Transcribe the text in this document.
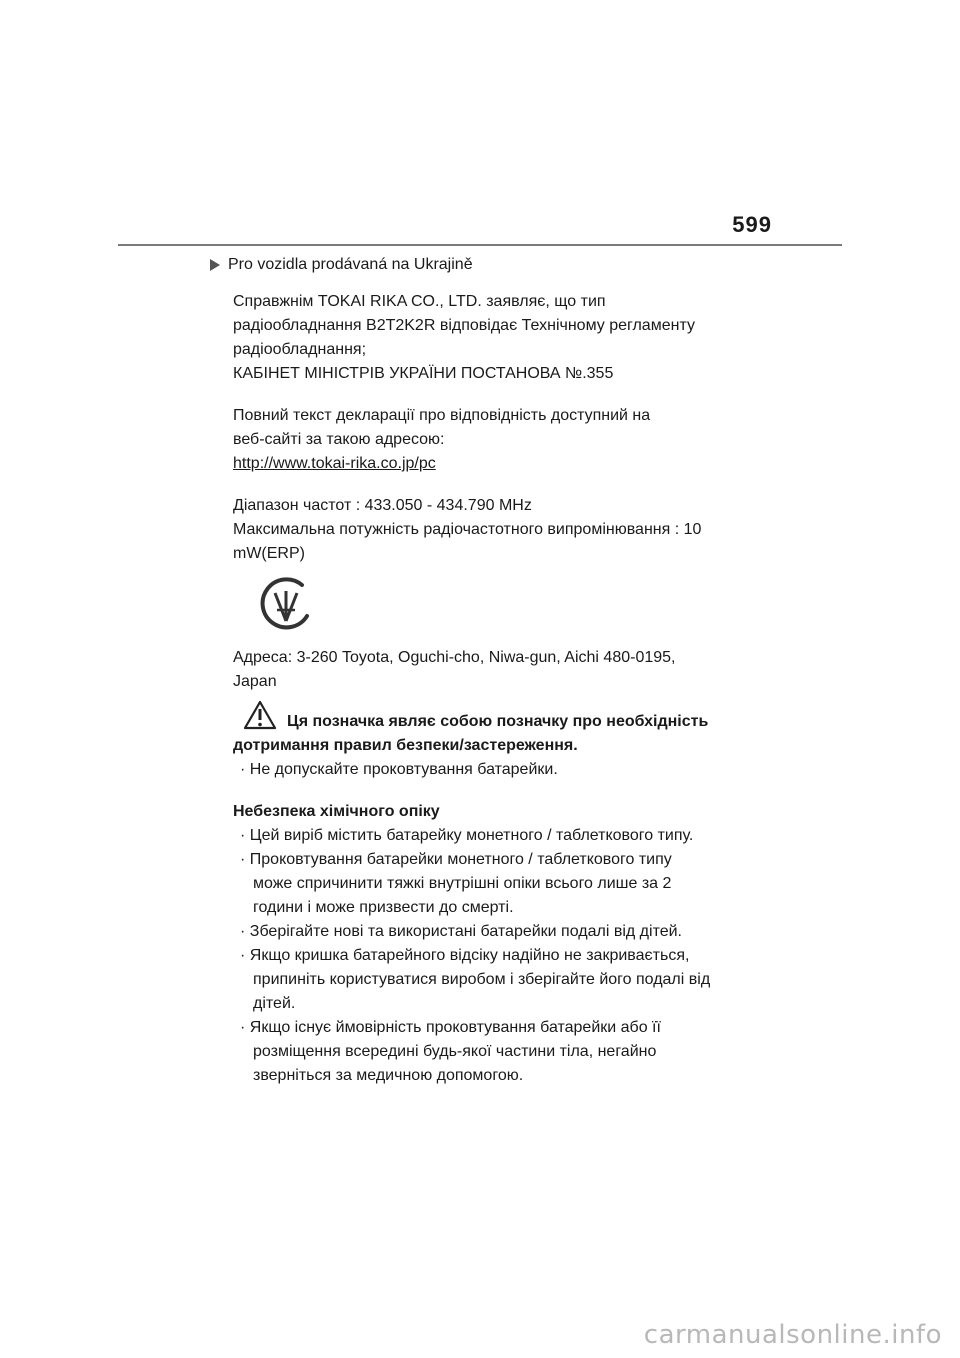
599
Pro vozidla prodávaná na Ukrajině
Справжнім TOKAI RIKA CO., LTD. заявляє, що тип
радіообладнання B2T2K2R відповідає Технічному регламенту
радіообладнання;
КАБІНЕТ МІНІСТРІВ УКРАЇНИ ПОСТАНОВА №.355
Повний текст декларації про відповідність доступний на
веб-сайті за такою адресою:
http://www.tokai-rika.co.jp/pc
Діапазон частот : 433.050 - 434.790 MHz
Максимальна потужність радіочастотного випромінювання : 10
mW(ERP)
Адреса: 3-260 Toyota, Oguchi-cho, Niwa-gun, Aichi 480-0195,
Japan
Ця позначка являє собою позначку про необхідність
дотримання правил безпеки/застереження.
· Не допускайте проковтування батарейки.
Небезпека хімічного опіку
· Цей виріб містить батарейку монетного / таблеткового типу.
· Проковтування батарейки монетного / таблеткового типу може спричинити тяжкі внутрішні опіки всього лише за 2 години і може призвести до смерті.
· Зберігайте нові та використані батарейки подалі від дітей.
· Якщо кришка батарейного відсіку надійно не закривається, припиніть користуватися виробом і зберігайте його подалі від дітей.
· Якщо існує ймовірність проковтування батарейки або її розміщення всередині будь-якої частини тіла, негайно зверніться за медичною допомогою.
carmanualsonline.info
